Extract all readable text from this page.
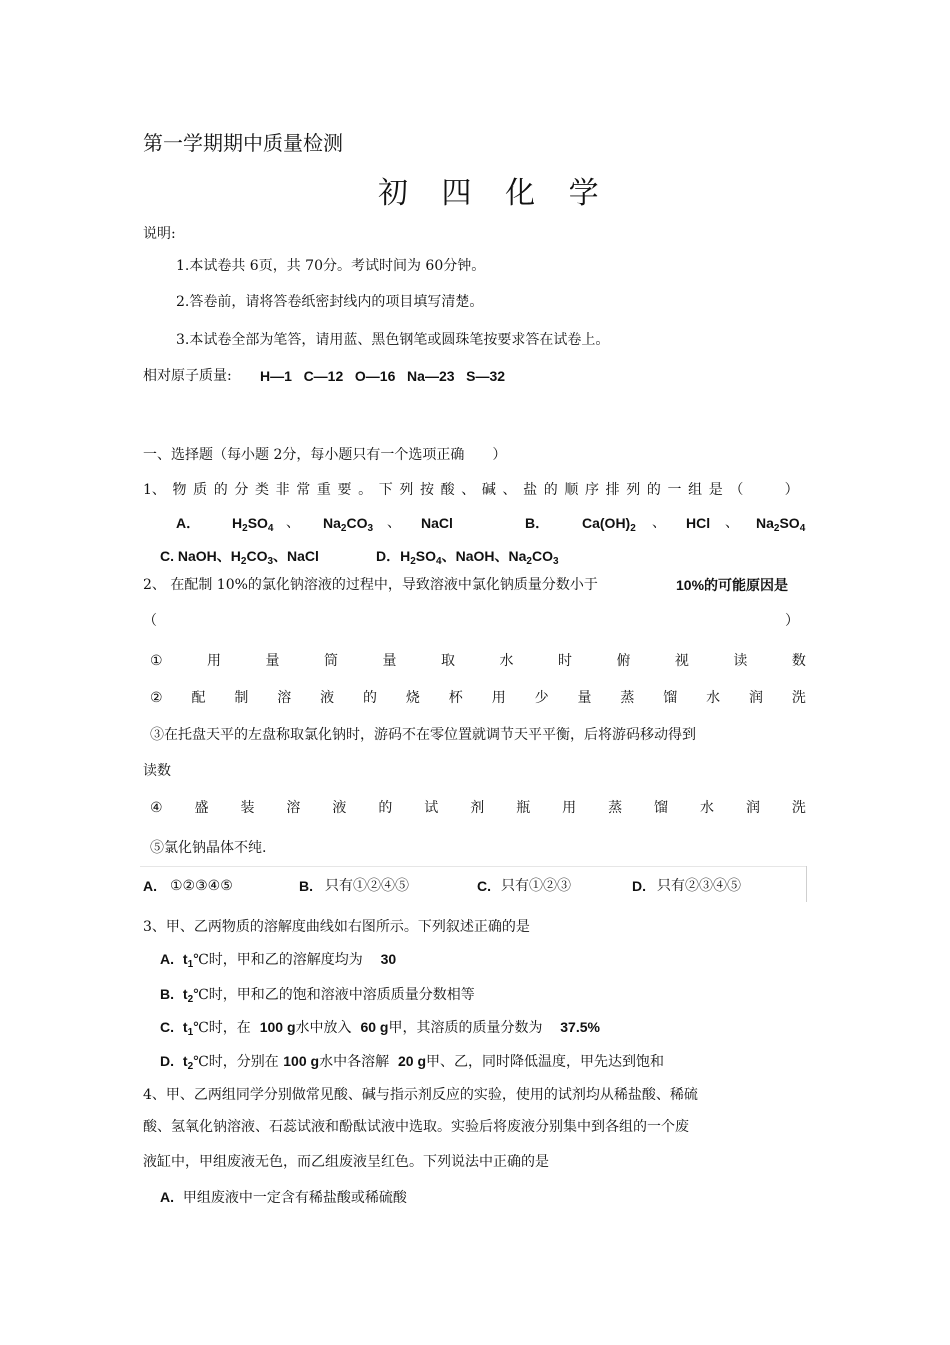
第一学期期中质量检测
初 四 化 学
说明:
1.本试卷共 6页，共 70分。考试时间为 60分钟。
2.答卷前，请将答卷纸密封线内的项目填写清楚。
3.本试卷全部为笔答，请用蓝、黑色钢笔或圆珠笔按要求答在试卷上。
相对原子质量: H—1   C—12   O—16   Na—23   S—32
一、选择题（每小题 2分，每小题只有一个选项正确　　）
1、 物 质 的 分 类 非 常 重 要 。 下 列 按 酸 、 碱 、 盐 的 顺 序 排 列 的 一 组 是 （
　　	）
A． $H_2SO_4$ 、 $Na_2CO_3$ 、 NaCl	B． $Ca(OH)_2$ 、 HCl 、 $Na_2SO_4$
C. NaOH、$H_2CO_3$、NaCl	D．$H_2SO_4$、NaOH、$Na_2CO_3$
2、 在配制 10%的氯化钠溶液的过程中，导致溶液中氯化钠质量分数小于	10%的可能原因是
（	）
①	用	量	筒	量	取	水	时	俯	视	读	数
② 配 制 溶 液 的 烧 杯 用 少 量 蒸 馏 水 润 洗
③在托盘天平的左盘称取氯化钠时，游码不在零位置就调节天平平衡，后将游码移动得到
读数
④ 盛 装 溶 液 的 试 剂 瓶 用 蒸 馏 水 润 洗
⑤氯化钠晶体不纯.
A. ①②③④⑤	B. 只有①②④⑤	C. 只有①②③	D. 只有②③④⑤
3、甲、乙两物质的溶解度曲线如右图所示。下列叙述正确的是
A. $t_1℃$时，甲和乙的溶解度均为 30
B. $t_2℃$时，甲和乙的饱和溶液中溶质质量分数相等
C. $t_1℃$时，在 100 g水中放入 60 g甲，其溶质的质量分数为 37.5%
D. $t_2℃$时，分别在 100 g水中各溶解 20 g甲、乙，同时降低温度，甲先达到饱和
4、甲、乙两组同学分别做常见酸、碱与指示剂反应的实验，使用的试剂均从稀盐酸、稀硫
酸、氢氧化钠溶液、石蕊试液和酚酞试液中选取。实验后将废液分别集中到各组的一个废
液缸中，甲组废液无色，而乙组废液呈红色。下列说法中正确的是
A. 甲组废液中一定含有稀盐酸或稀硫酸
